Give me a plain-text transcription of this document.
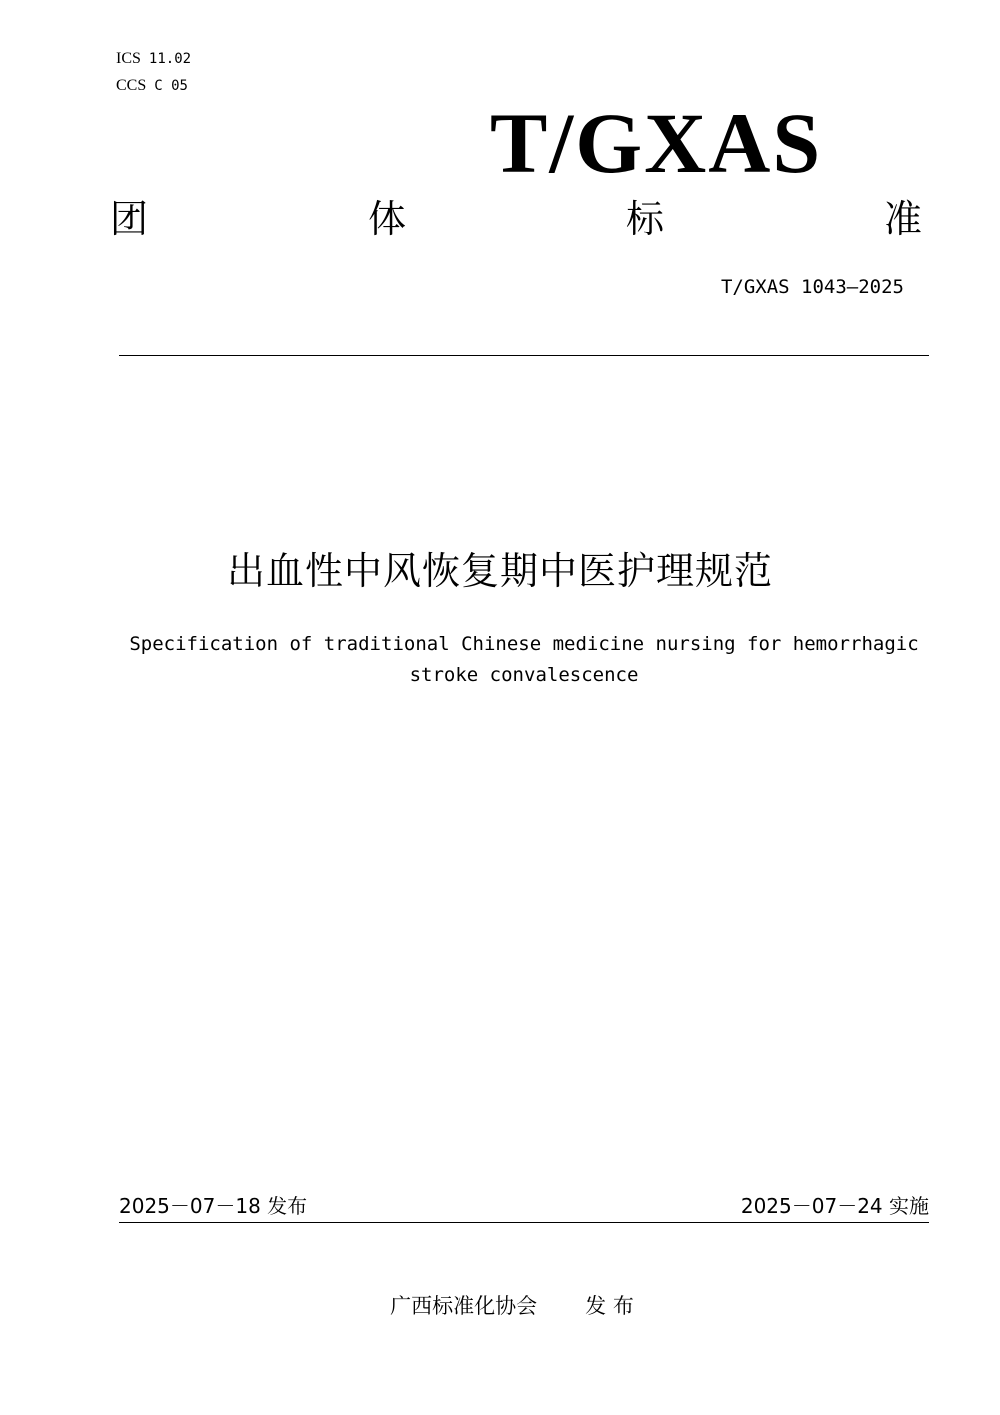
ICS 11.02
CCS C 05
T/GXAS
团	体	标	准
T/GXAS 1043—2025
出血性中风恢复期中医护理规范
Specification of traditional Chinese medicine nursing for hemorrhagic
stroke convalescence
2025－07－18 发布	2025－07－24 实施
广西标准化协会 发 布
